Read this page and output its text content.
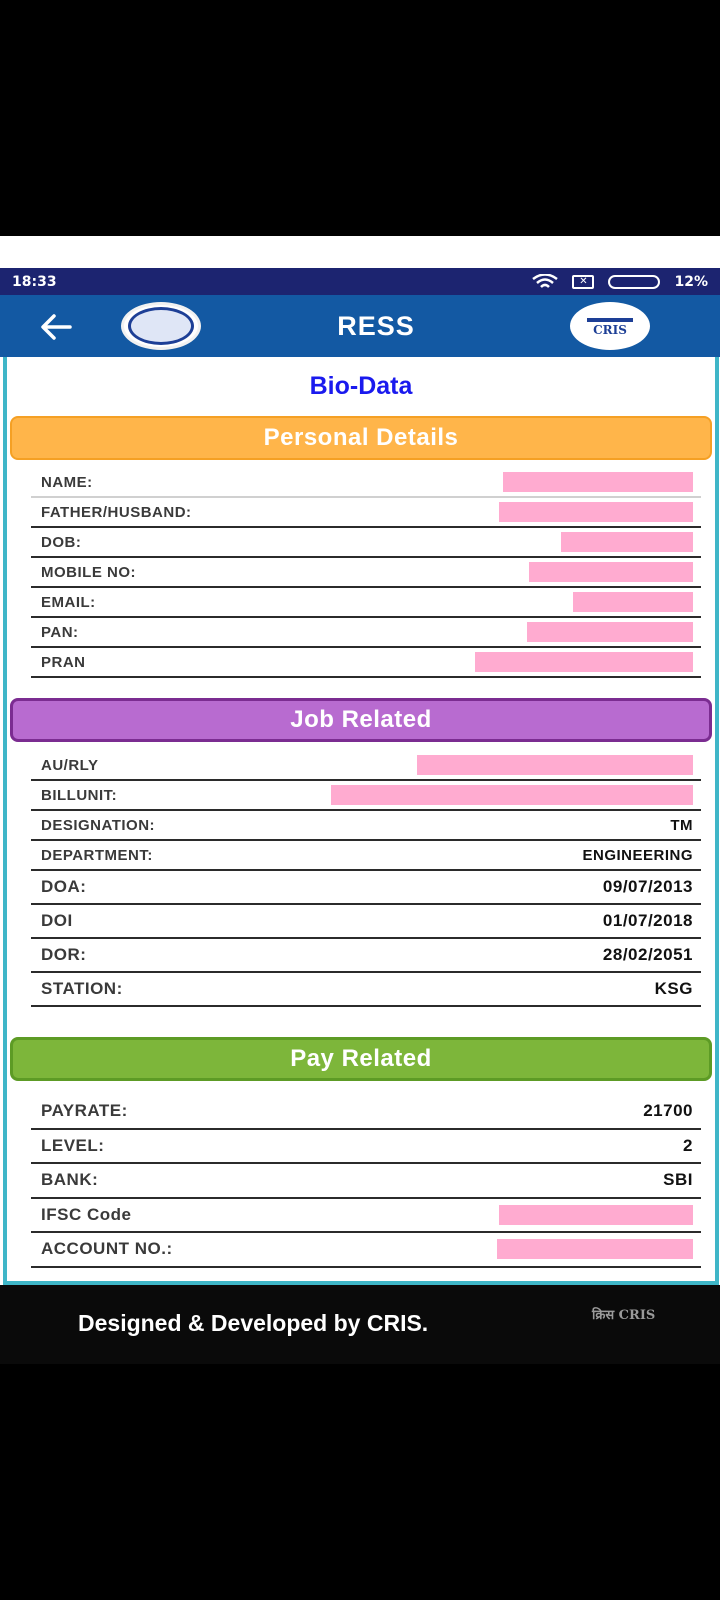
18:33	✕	12%
RESS	CRIS
Bio-Data
Personal Details
NAME:
FATHER/HUSBAND:
DOB:
MOBILE NO:
EMAIL:
PAN:
PRAN
Job Related
AU/RLY
BILLUNIT:
DESIGNATION:	TM
DEPARTMENT:	ENGINEERING
DOA:	09/07/2013
DOI	01/07/2018
DOR:	28/02/2051
STATION:	KSG
Pay Related
PAYRATE:	21700
LEVEL:	2
BANK:	SBI
IFSC Code
ACCOUNT NO.:
Designed & Developed by CRIS.	क्रिस CRIS
